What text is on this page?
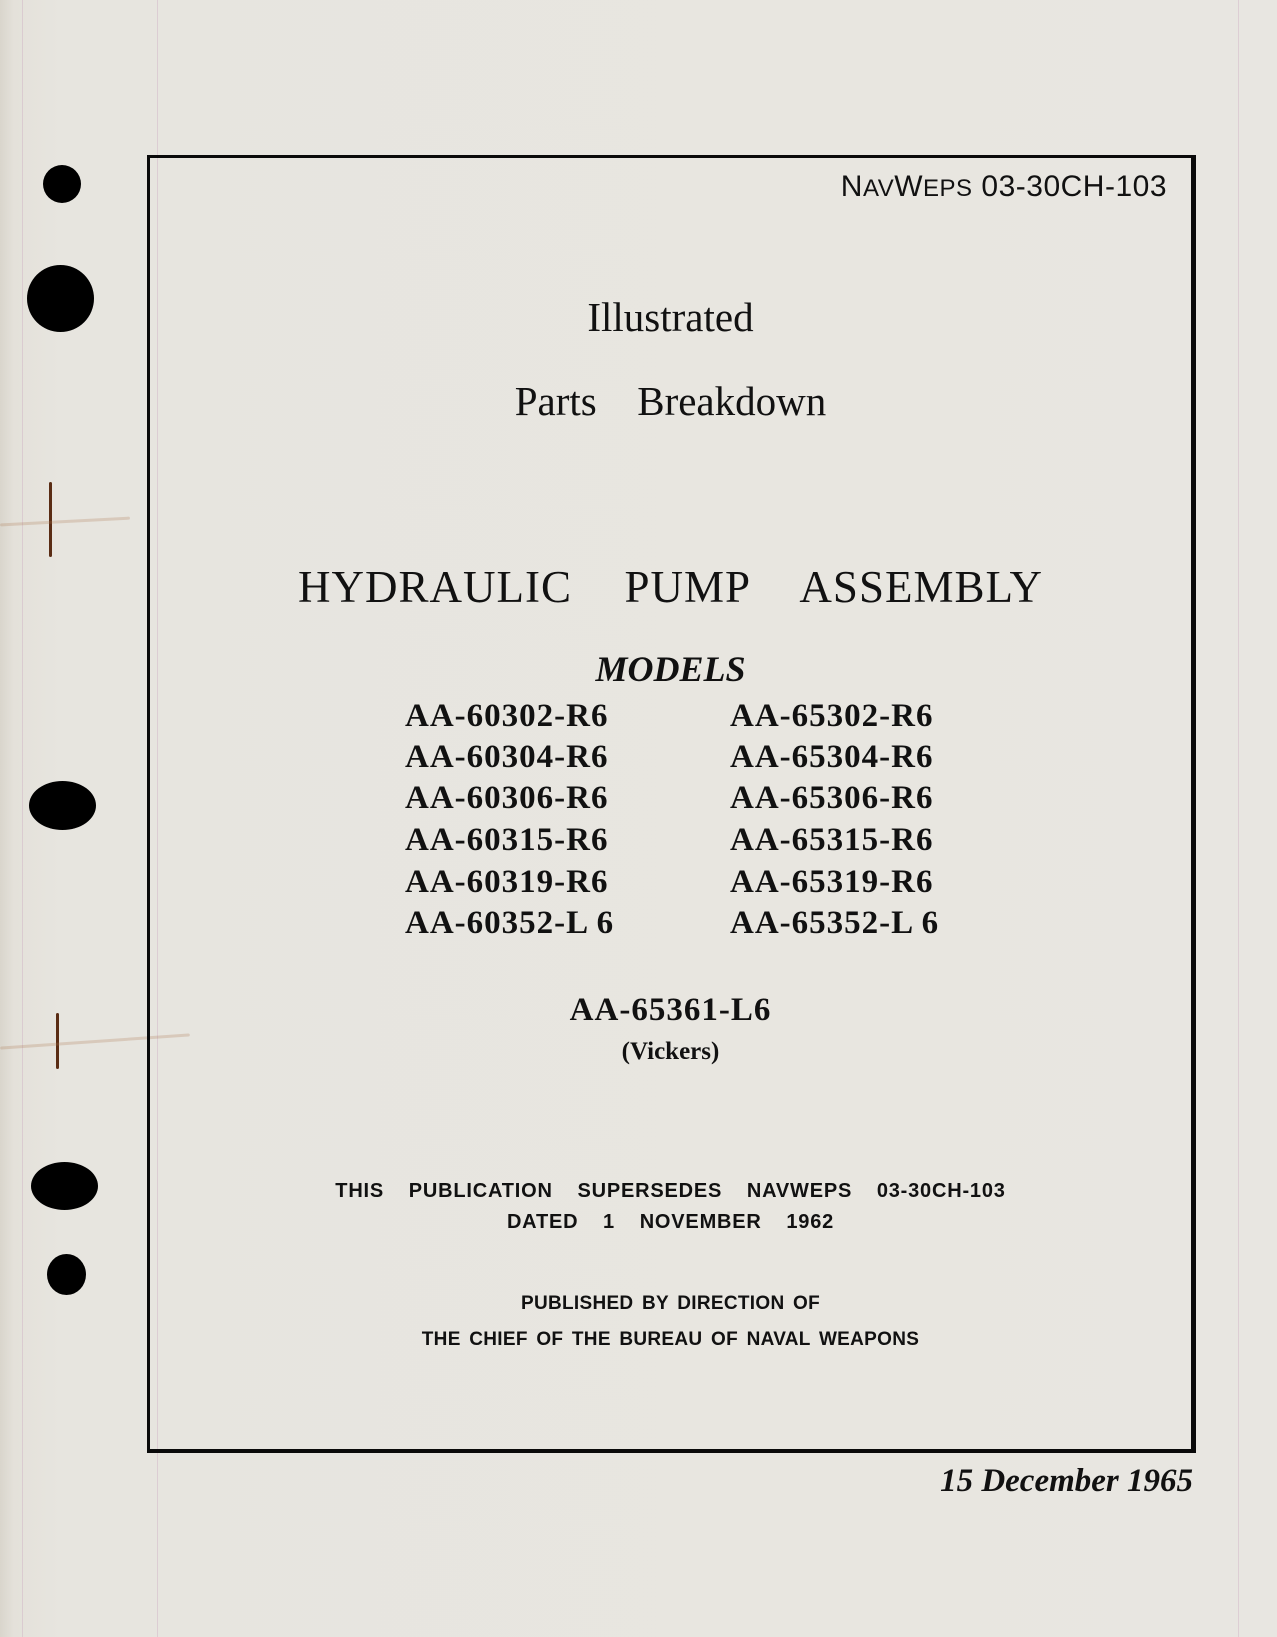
NAVWEPS 03-30CH-103
Illustrated
Parts  Breakdown
HYDRAULIC  PUMP  ASSEMBLY
MODELS
AA-60302-R6
AA-60304-R6
AA-60306-R6
AA-60315-R6
AA-60319-R6
AA-60352-L 6
AA-65302-R6
AA-65304-R6
AA-65306-R6
AA-65315-R6
AA-65319-R6
AA-65352-L 6
AA-65361-L6
(Vickers)
THIS  PUBLICATION  SUPERSEDES  NAVWEPS  03-30CH-103
DATED  1  NOVEMBER  1962
PUBLISHED BY DIRECTION OF
THE CHIEF OF THE BUREAU OF NAVAL WEAPONS
15 December 1965
